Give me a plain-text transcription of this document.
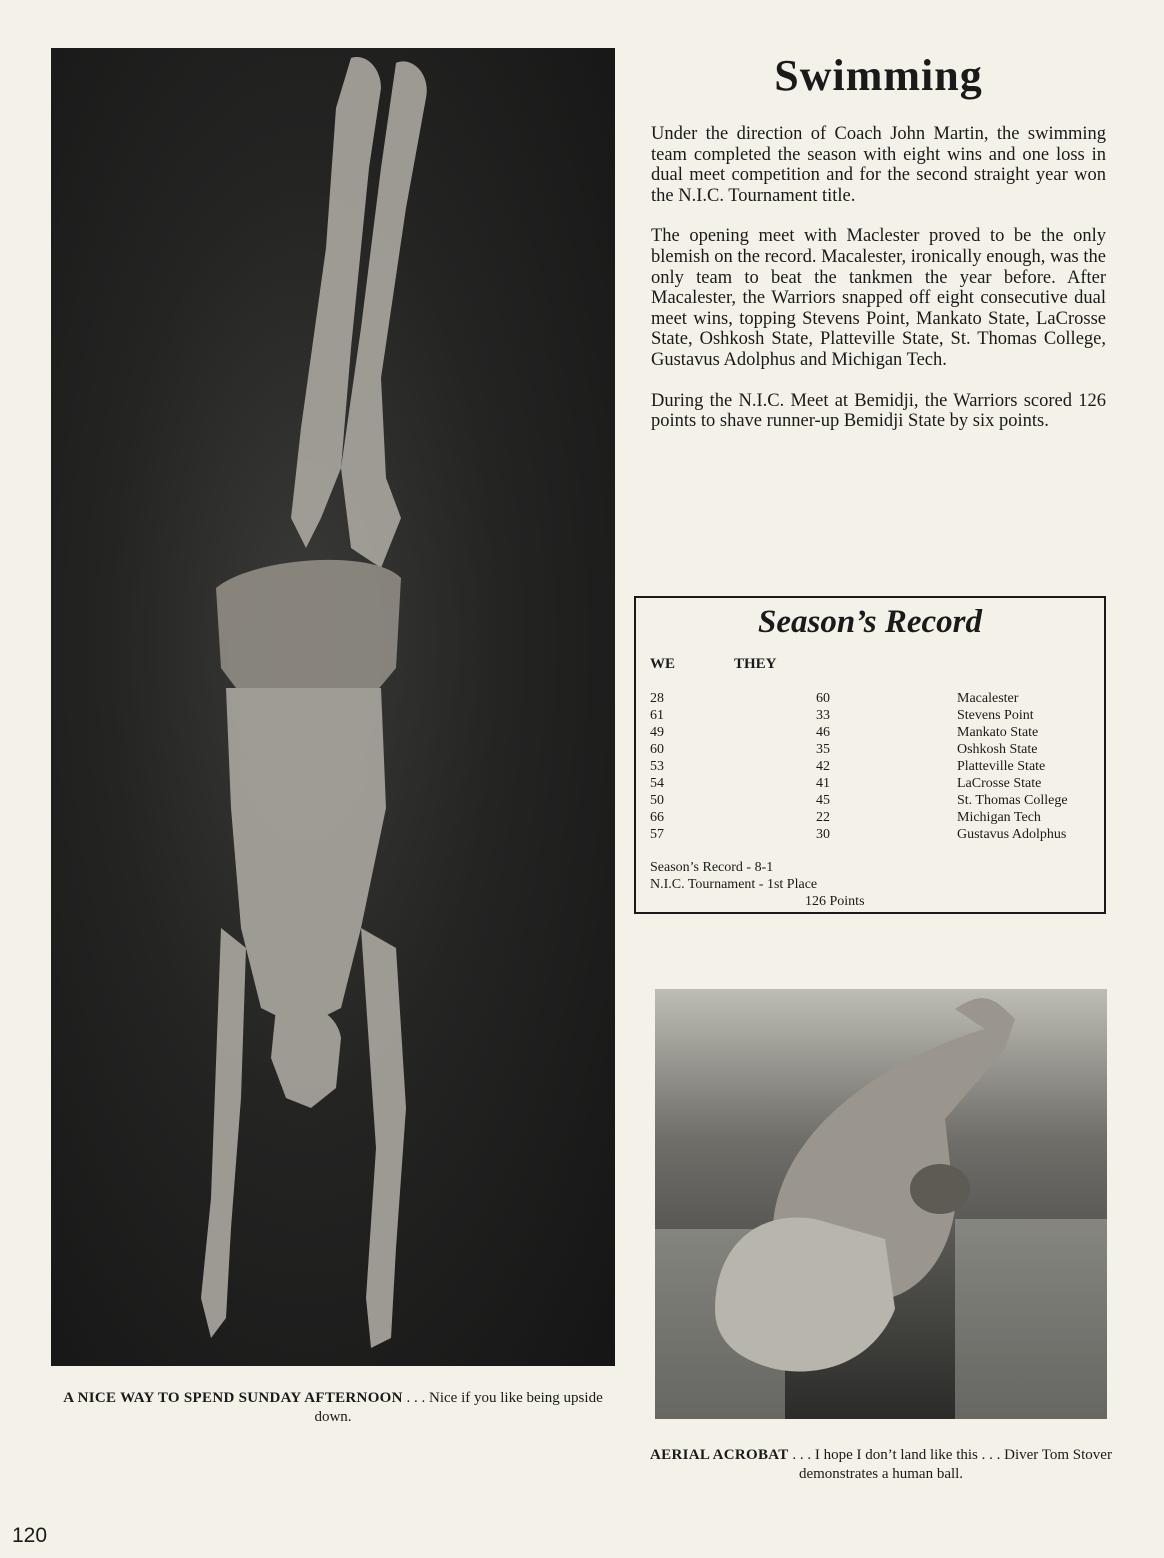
Swimming

Under the direction of Coach John Martin, the swimming team completed the season with eight wins and one loss in dual meet competition and for the second straight year won the N.I.C. Tournament title.

The opening meet with Maclester proved to be the only blemish on the record. Macalester, ironically enough, was the only team to beat the tankmen the year before. After Macalester, the Warriors snapped off eight consecutive dual meet wins, topping Stevens Point, Mankato State, LaCrosse State, Oshkosh State, Platteville State, St. Thomas College, Gustavus Adolphus and Michigan Tech.

During the N.I.C. Meet at Bemidji, the Warriors scored 126 points to shave runner-up Bemidji State by six points.

A NICE WAY TO SPEND SUNDAY AFTERNOON . . . Nice if you like being upside down.
Season’s Record
WE	THEY
28	60	Macalester
61	33	Stevens Point
49	46	Mankato State
60	35	Oshkosh State
53	42	Platteville State
54	41	LaCrosse State
50	45	St. Thomas College
66	22	Michigan Tech
57	30	Gustavus Adolphus
Season’s Record - 8-1
N.I.C. Tournament - 1st Place
126 Points
AERIAL ACROBAT . . . I hope I don’t land like this . . . Diver Tom Stover demonstrates a human ball.
120
